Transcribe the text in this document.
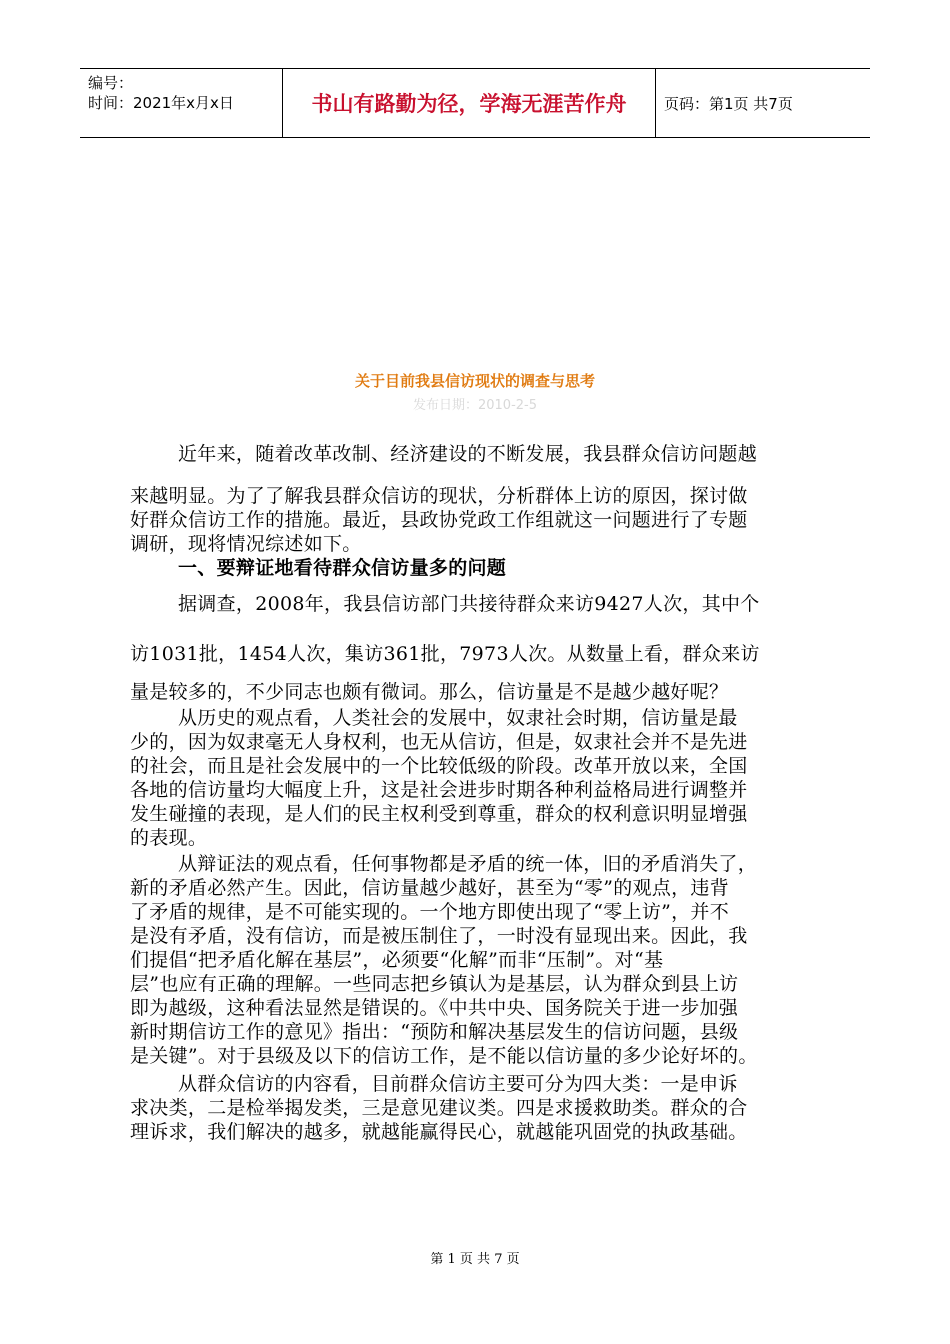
编号：
时间：2021年x月x日	书山有路勤为径，学海无涯苦作舟	页码：第1页 共7页
关于目前我县信访现状的调查与思考
发布日期：2010-2-5
近年来，随着改革改制、经济建设的不断发展，我县群众信访问题越
来越明显。为了了解我县群众信访的现状，分析群体上访的原因，探讨做
好群众信访工作的措施。最近，县政协党政工作组就这一问题进行了专题
调研，现将情况综述如下。
一、要辩证地看待群众信访量多的问题
据调查，2008年，我县信访部门共接待群众来访9427人次，其中个
访1031批，1454人次，集访361批，7973人次。从数量上看，群众来访
量是较多的，不少同志也颇有微词。那么，信访量是不是越少越好呢？
从历史的观点看，人类社会的发展中，奴隶社会时期，信访量是最
少的，因为奴隶毫无人身权利，也无从信访，但是，奴隶社会并不是先进
的社会，而且是社会发展中的一个比较低级的阶段。改革开放以来，全国
各地的信访量均大幅度上升，这是社会进步时期各种利益格局进行调整并
发生碰撞的表现，是人们的民主权利受到尊重，群众的权利意识明显增强
的表现。
从辩证法的观点看，任何事物都是矛盾的统一体，旧的矛盾消失了，
新的矛盾必然产生。因此，信访量越少越好，甚至为“零”的观点，违背
了矛盾的规律，是不可能实现的。一个地方即使出现了“零上访”，并不
是没有矛盾，没有信访，而是被压制住了，一时没有显现出来。因此，我
们提倡“把矛盾化解在基层”，必须要“化解”而非“压制”。对“基
层”也应有正确的理解。一些同志把乡镇认为是基层，认为群众到县上访
即为越级，这种看法显然是错误的。《中共中央、国务院关于进一步加强
新时期信访工作的意见》指出：“预防和解决基层发生的信访问题，县级
是关键”。对于县级及以下的信访工作，是不能以信访量的多少论好坏的。
从群众信访的内容看，目前群众信访主要可分为四大类：一是申诉
求决类，二是检举揭发类，三是意见建议类。四是求援救助类。群众的合
理诉求，我们解决的越多，就越能赢得民心，就越能巩固党的执政基础。
第 1 页 共 7 页
